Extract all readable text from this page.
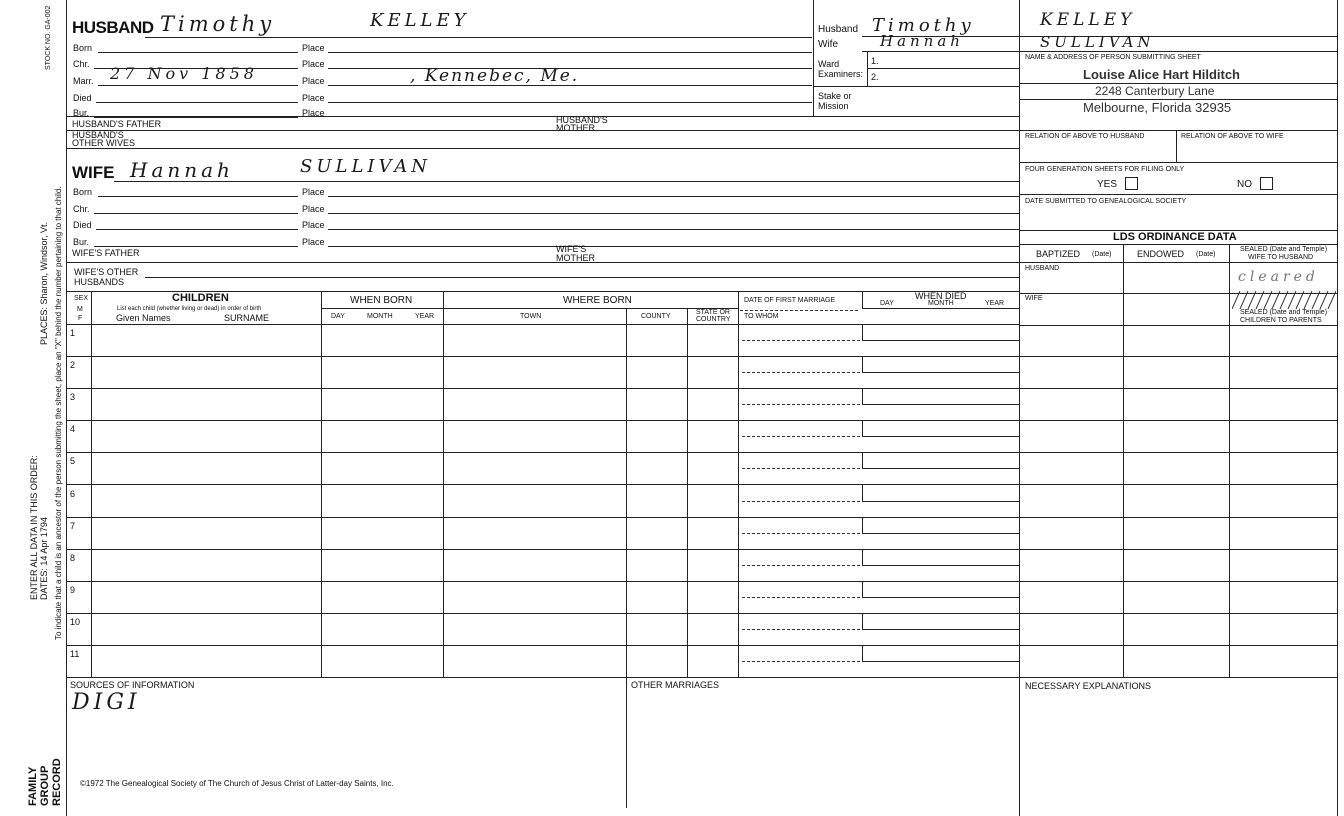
STOCK NO. GA-002
To indicate that a child is an ancestor of the person submitting the sheet, place an "X" behind the number pertaining to that child.
ENTER ALL DATA IN THIS ORDER:
PLACES: Sharon, Windsor, Vt.
DATES: 14 Apr 1794
FAMILY GROUP RECORD
HUSBAND Timothy	KELLEY
Born	Place
Chr.	Place
Marr. 27 Nov 1858	Place	, Kennebec, Me.
Died	Place
Bur.	Place
HUSBAND'S FATHER	HUSBAND'S
MOTHER
HUSBAND'S
OTHER WIVES
WIFE Hannah	SULLIVAN
Born	Place
Chr.	Place
Died	Place
Bur.	Place
WIFE'S FATHER	WIFE'S
MOTHER
WIFE'S OTHER
HUSBANDS
Husband Timothy	KELLEY
Wife	Hannah	SULLIVAN
Ward
Examiners:
1.
2.
Stake or
Mission
NAME & ADDRESS OF PERSON SUBMITTING SHEET
Louise Alice Hart Hilditch
2248 Canterbury Lane
Melbourne, Florida 32935
RELATION OF ABOVE TO HUSBAND	RELATION OF ABOVE TO WIFE
FOUR GENERATION SHEETS FOR FILING ONLY
YES	NO
DATE SUBMITTED TO GENEALOGICAL SOCIETY
LDS ORDINANCE DATA
BAPTIZED (Date)	ENDOWED (Date)
SEALED (Date and Temple)
WIFE TO HUSBAND
HUSBAND
cleared
WIFE
SEALED (Date and Temple)
CHILDREN TO PARENTS
SEX
M
F
CHILDREN
List each child (whether living or dead) in order of birth
Given Names	SURNAME
WHEN BORN
DAY	MONTH	YEAR
WHERE BORN
TOWN	COUNTY
STATE OR
COUNTRY
DATE OF FIRST MARRIAGE
TO WHOM
WHEN DIED
DAY	MONTH	YEAR
1
2
3
4
5
6
7
8
9
10
11
SOURCES OF INFORMATION
DIGI
OTHER MARRIAGES	NECESSARY EXPLANATIONS
©1972 The Genealogical Society of The Church of Jesus Christ of Latter-day Saints, Inc.
